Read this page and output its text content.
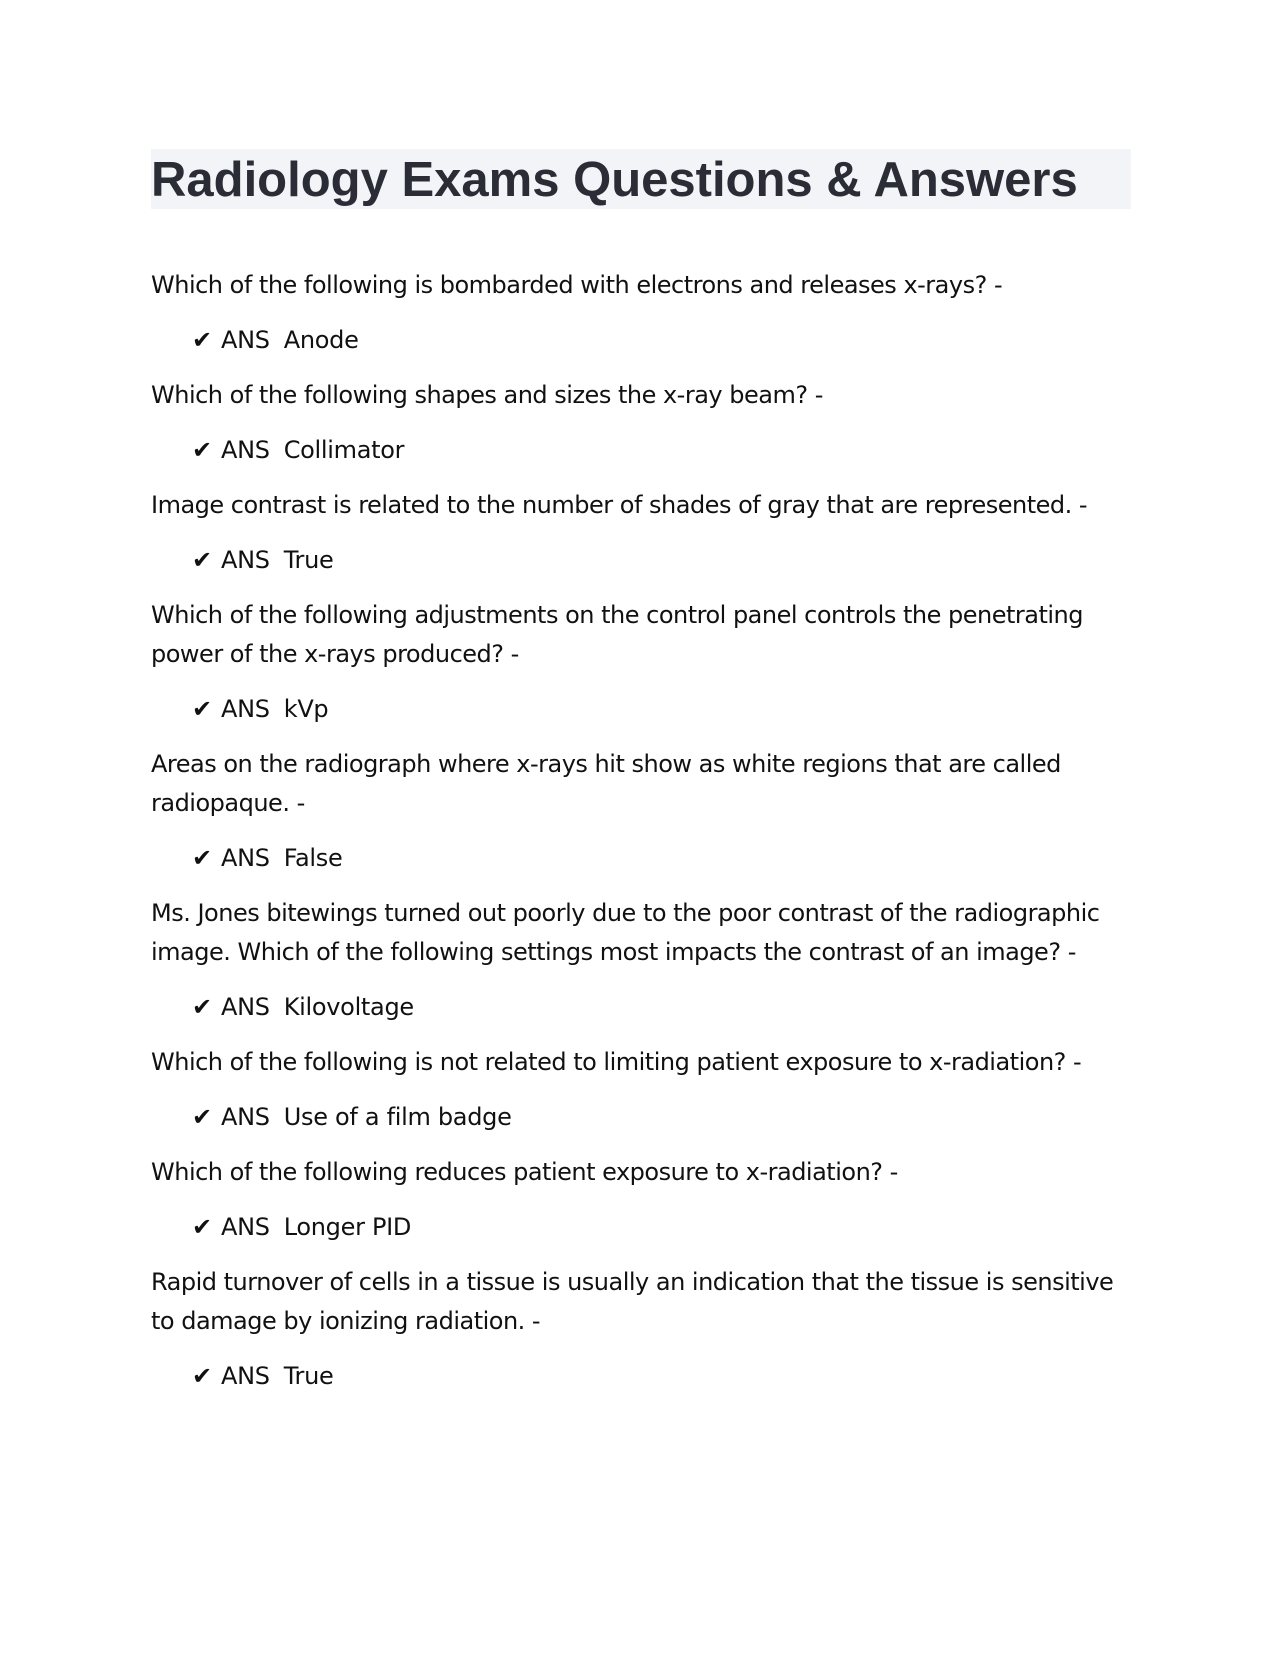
Radiology Exams Questions & Answers

Which of the following is bombarded with electrons and releases x-rays? -

✔ ANS Anode

Which of the following shapes and sizes the x-ray beam? -

✔ ANS Collimator

Image contrast is related to the number of shades of gray that are represented. -

✔ ANS True

Which of the following adjustments on the control panel controls the penetrating power of the x-rays produced? -

✔ ANS kVp

Areas on the radiograph where x-rays hit show as white regions that are called radiopaque. -

✔ ANS False

Ms. Jones bitewings turned out poorly due to the poor contrast of the radiographic image. Which of the following settings most impacts the contrast of an image? -

✔ ANS Kilovoltage

Which of the following is not related to limiting patient exposure to x-radiation? -

✔ ANS Use of a film badge

Which of the following reduces patient exposure to x-radiation? -

✔ ANS Longer PID

Rapid turnover of cells in a tissue is usually an indication that the tissue is sensitive to damage by ionizing radiation. -

✔ ANS True
